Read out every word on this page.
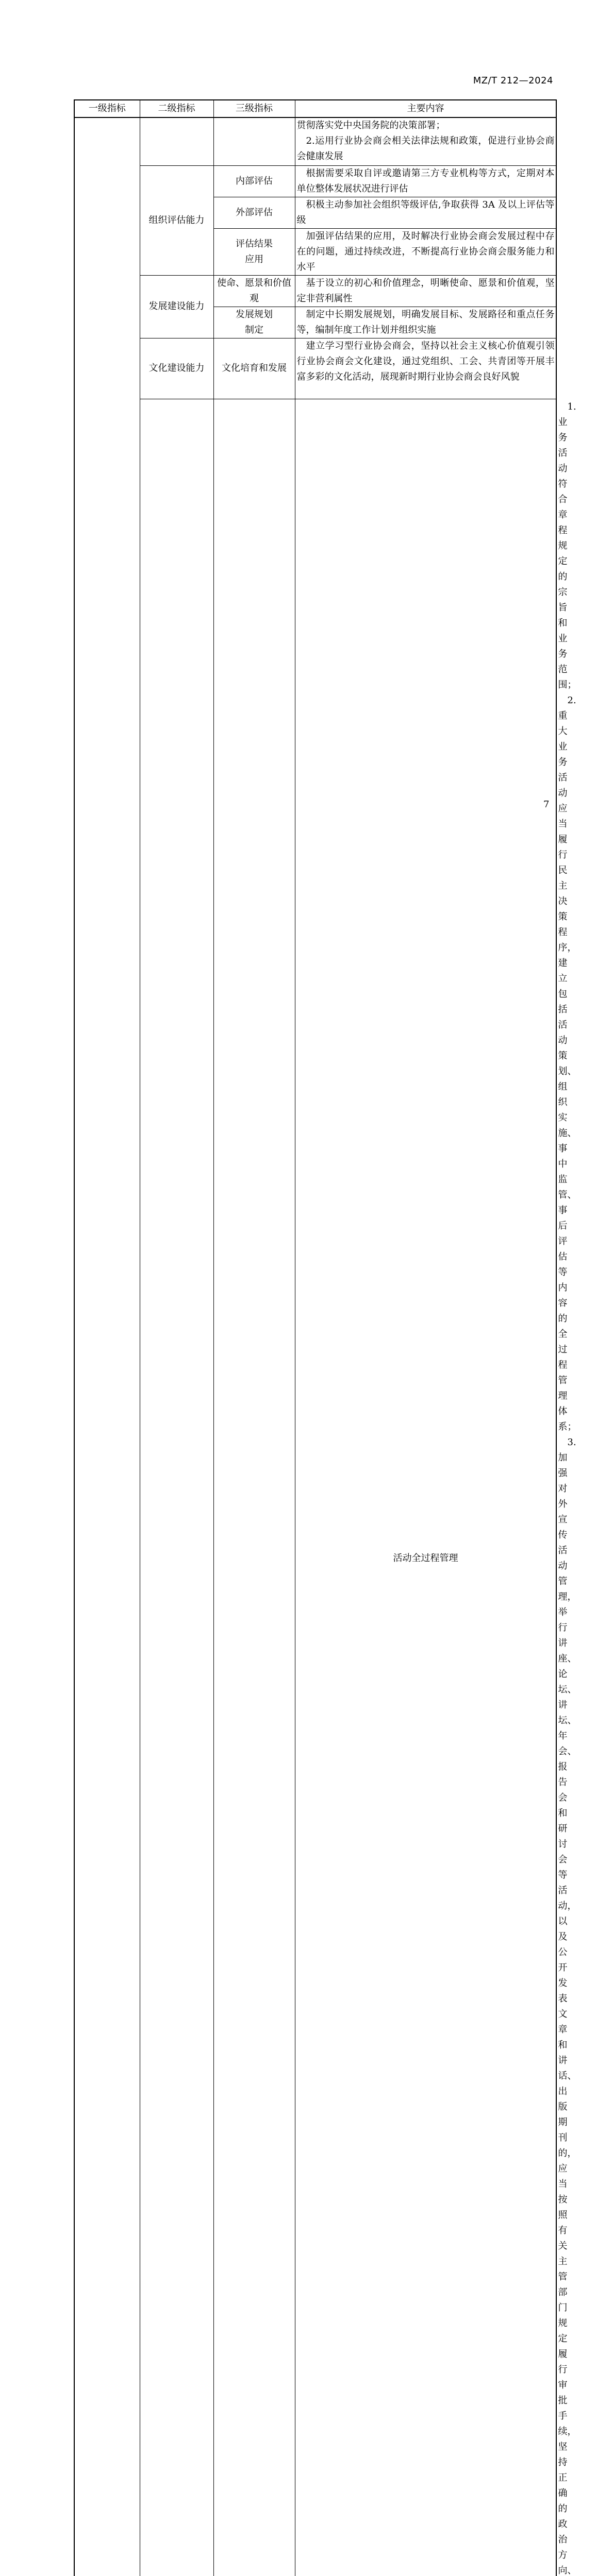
MZ/T 212—2024
一级指标	二级指标	三级指标	主要内容	

			贯彻落实党中央国务院的决策部署；

2.运用行业协会商会相关法律法规和政策，促进行业协会商会健康发展	

	组织评估能力	内部评估	根据需要采取自评或邀请第三方专业机构等方式，定期对本单位整体发展状况进行评估	

		外部评估	积极主动参加社会组织等级评估,争取获得 3A 及以上评估等级	

		评估结果应用	加强评估结果的应用，及时解决行业协会商会发展过程中存在的问题，通过持续改进，不断提高行业协会商会服务能力和水平	

	发展建设能力	使命、愿景和价值观	基于设立的初心和价值理念，明晰使命、愿景和价值观，坚定非营利属性	

		发展规划制定	制定中长期发展规划，明确发展目标、发展路径和重点任务等，编制年度工作计划并组织实施	

	文化建设能力	文化培育和发展	建立学习型行业协会商会，坚持以社会主义核心价值观引领行业协会商会文化建设，通过党组织、工会、共青团等开展丰富多彩的文化活动，展现新时期行业协会商会良好风貌	

		活动全过程管理	1.业务活动符合章程规定的宗旨和业务范围；

2.重大业务活动应当履行民主决策程序，建立包括活动策划、组织实施、事中监管、事后评估等内容的全过程管理体系；

3.加强对外宣传活动管理，举行讲座、论坛、讲坛、年会、报告会和研讨会等活动，以及公开发表文章和讲话、出版期刊的，应当按照有关主管部门规定履行审批手续，坚持正确的政治方向、

7
